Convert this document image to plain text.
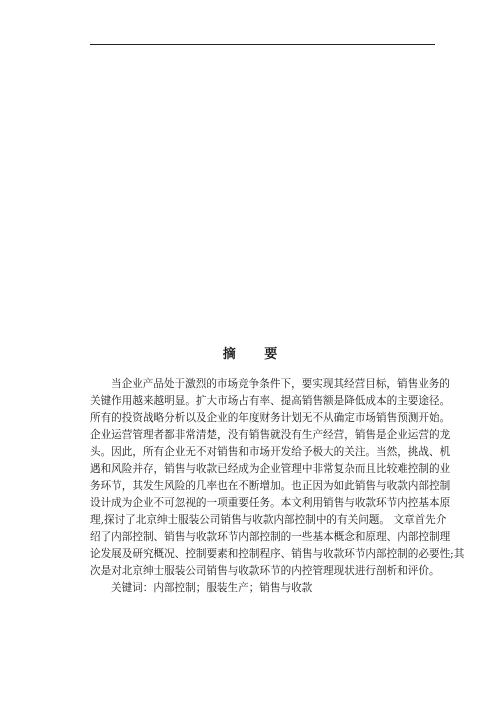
摘 要
当企业产品处于激烈的市场竞争条件下，要实现其经营目标，销售业务的
关键作用越来越明显。扩大市场占有率、提高销售额是降低成本的主要途径。
所有的投资战略分析以及企业的年度财务计划无不从确定市场销售预测开始。
企业运营管理者都非常清楚，没有销售就没有生产经营，销售是企业运营的龙
头。因此，所有企业无不对销售和市场开发给予极大的关注。当然，挑战、机
遇和风险并存，销售与收款已经成为企业管理中非常复杂而且比较难控制的业
务环节，其发生风险的几率也在不断增加。也正因为如此销售与收款内部控制
设计成为企业不可忽视的一项重要任务。本文利用销售与收款环节内控基本原
理,探讨了北京绅士服装公司销售与收款内部控制中的有关问题。 文章首先介
绍了内部控制、销售与收款环节内部控制的一些基本概念和原理、内部控制理
论发展及研究概况、控制要素和控制程序、销售与收款环节内部控制的必要性;其
次是对北京绅士服装公司销售与收款环节的内控管理现状进行剖析和评价。
关键词：内部控制；服装生产；销售与收款
